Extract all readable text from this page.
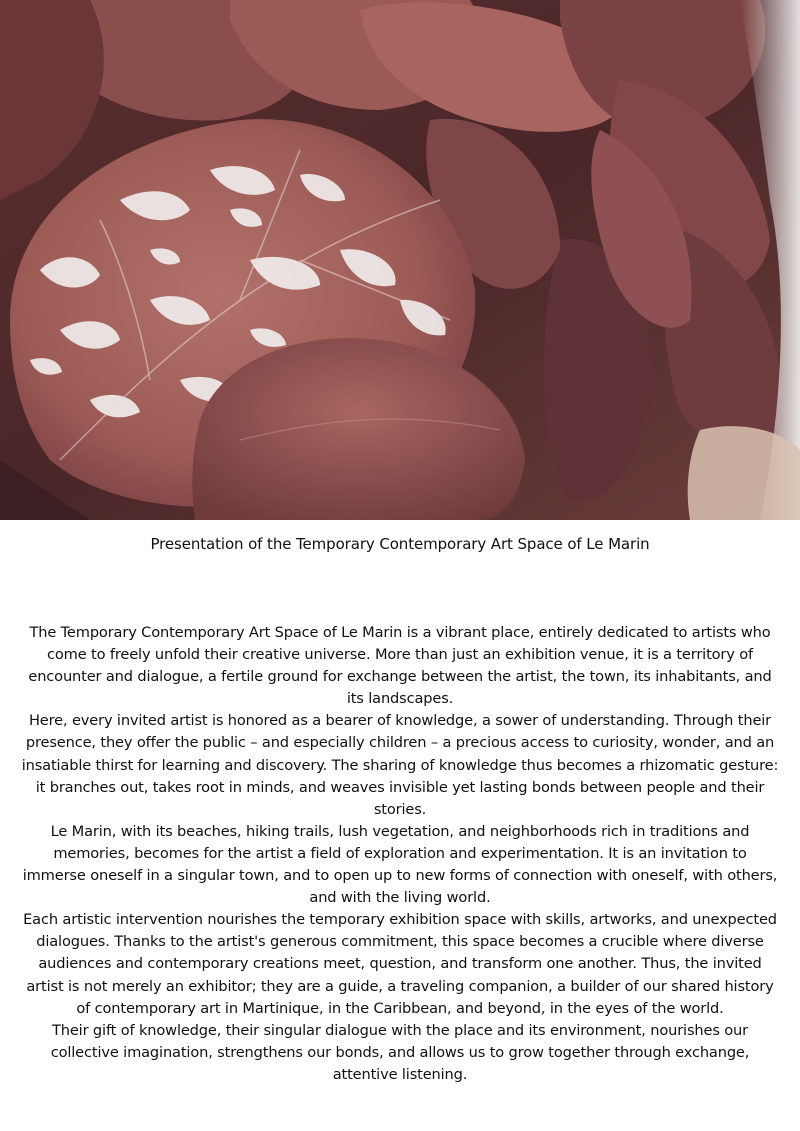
Presentation of the Temporary Contemporary Art Space of Le Marin

The Temporary Contemporary Art Space of Le Marin is a vibrant place, entirely dedicated to artists who come to freely unfold their creative universe. More than just an exhibition venue, it is a territory of encounter and dialogue, a fertile ground for exchange between the artist, the town, its inhabitants, and its landscapes.

Here, every invited artist is honored as a bearer of knowledge, a sower of understanding. Through their presence, they offer the public – and especially children – a precious access to curiosity, wonder, and an insatiable thirst for learning and discovery. The sharing of knowledge thus becomes a rhizomatic gesture: it branches out, takes root in minds, and weaves invisible yet lasting bonds between people and their stories.

Le Marin, with its beaches, hiking trails, lush vegetation, and neighborhoods rich in traditions and memories, becomes for the artist a field of exploration and experimentation. It is an invitation to immerse oneself in a singular town, and to open up to new forms of connection with oneself, with others, and with the living world.

Each artistic intervention nourishes the temporary exhibition space with skills, artworks, and unexpected dialogues. Thanks to the artist's generous commitment, this space becomes a crucible where diverse audiences and contemporary creations meet, question, and transform one another. Thus, the invited artist is not merely an exhibitor; they are a guide, a traveling companion, a builder of our shared history of contemporary art in Martinique, in the Caribbean, and beyond, in the eyes of the world.

Their gift of knowledge, their singular dialogue with the place and its environment, nourishes our collective imagination, strengthens our bonds, and allows us to grow together through exchange, attentive listening.
